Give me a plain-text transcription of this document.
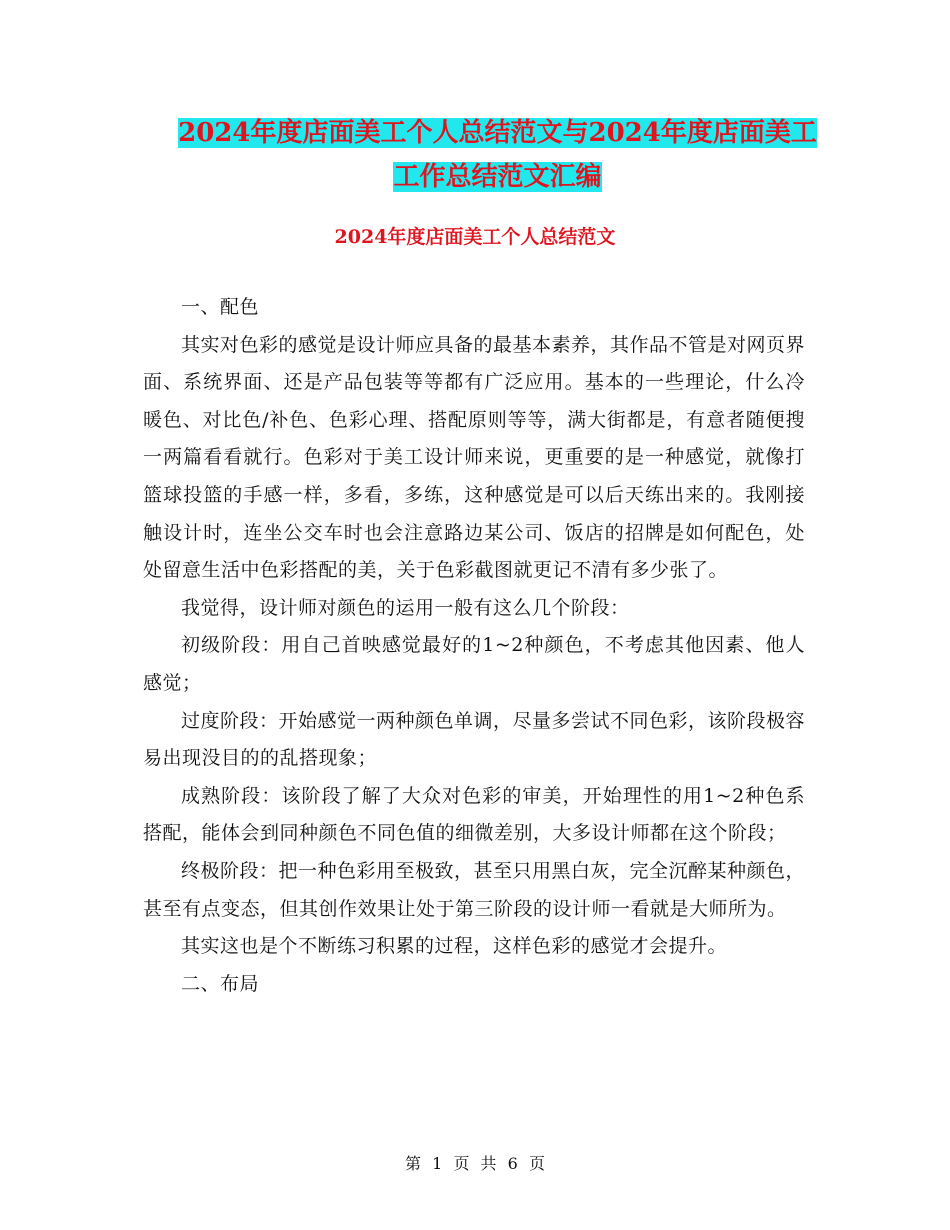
2024年度店面美工个人总结范文与2024年度店面美工
工作总结范文汇编
2024年度店面美工个人总结范文

一、配色

其实对色彩的感觉是设计师应具备的最基本素养，其作品不管是对网页界面、系统界面、还是产品包装等等都有广泛应用。基本的一些理论，什么冷暖色、对比色/补色、色彩心理、搭配原则等等，满大街都是，有意者随便搜一两篇看看就行。色彩对于美工设计师来说，更重要的是一种感觉，就像打篮球投篮的手感一样，多看，多练，这种感觉是可以后天练出来的。我刚接触设计时，连坐公交车时也会注意路边某公司、饭店的招牌是如何配色，处处留意生活中色彩搭配的美，关于色彩截图就更记不清有多少张了。

我觉得，设计师对颜色的运用一般有这么几个阶段：

初级阶段：用自己首映感觉最好的1~2种颜色，不考虑其他因素、他人感觉；

过度阶段：开始感觉一两种颜色单调，尽量多尝试不同色彩，该阶段极容易出现没目的的乱搭现象；

成熟阶段：该阶段了解了大众对色彩的审美，开始理性的用1~2种色系搭配，能体会到同种颜色不同色值的细微差别，大多设计师都在这个阶段；

终极阶段：把一种色彩用至极致，甚至只用黑白灰，完全沉醉某种颜色，甚至有点变态，但其创作效果让处于第三阶段的设计师一看就是大师所为。

其实这也是个不断练习积累的过程，这样色彩的感觉才会提升。

二、布局

第 1 页 共 6 页
